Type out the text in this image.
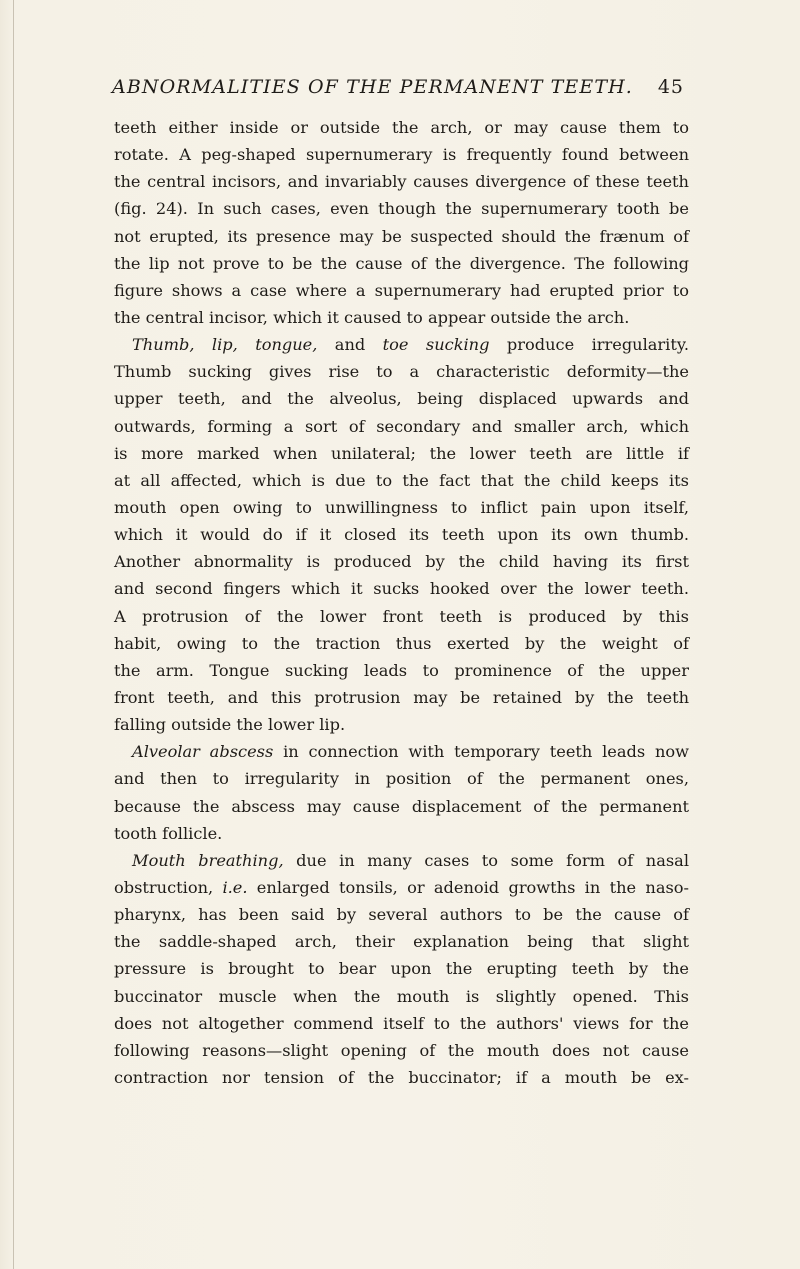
ABNORMALITIES OF THE PERMANENT TEETH. 45
teeth either inside or outside the arch, or may cause them to
rotate. A peg-shaped supernumerary is frequently found between
the central incisors, and invariably causes divergence of these teeth
(fig. 24). In such cases, even though the supernumerary tooth be
not erupted, its presence may be suspected should the frænum of
the lip not prove to be the cause of the divergence. The following
figure shows a case where a supernumerary had erupted prior to
the central incisor, which it caused to appear outside the arch.
Thumb, lip, tongue, and toe sucking produce irregularity.
Thumb sucking gives rise to a characteristic deformity—the
upper teeth, and the alveolus, being displaced upwards and
outwards, forming a sort of secondary and smaller arch, which
is more marked when unilateral; the lower teeth are little if
at all affected, which is due to the fact that the child keeps its
mouth open owing to unwillingness to inflict pain upon itself,
which it would do if it closed its teeth upon its own thumb.
Another abnormality is produced by the child having its first
and second fingers which it sucks hooked over the lower teeth.
A protrusion of the lower front teeth is produced by this
habit, owing to the traction thus exerted by the weight of
the arm. Tongue sucking leads to prominence of the upper
front teeth, and this protrusion may be retained by the teeth
falling outside the lower lip.
Alveolar abscess in connection with temporary teeth leads now
and then to irregularity in position of the permanent ones,
because the abscess may cause displacement of the permanent
tooth follicle.
Mouth breathing, due in many cases to some form of nasal
obstruction, i.e. enlarged tonsils, or adenoid growths in the naso-
pharynx, has been said by several authors to be the cause of
the saddle-shaped arch, their explanation being that slight
pressure is brought to bear upon the erupting teeth by the
buccinator muscle when the mouth is slightly opened. This
does not altogether commend itself to the authors' views for the
following reasons—slight opening of the mouth does not cause
contraction nor tension of the buccinator; if a mouth be ex-
